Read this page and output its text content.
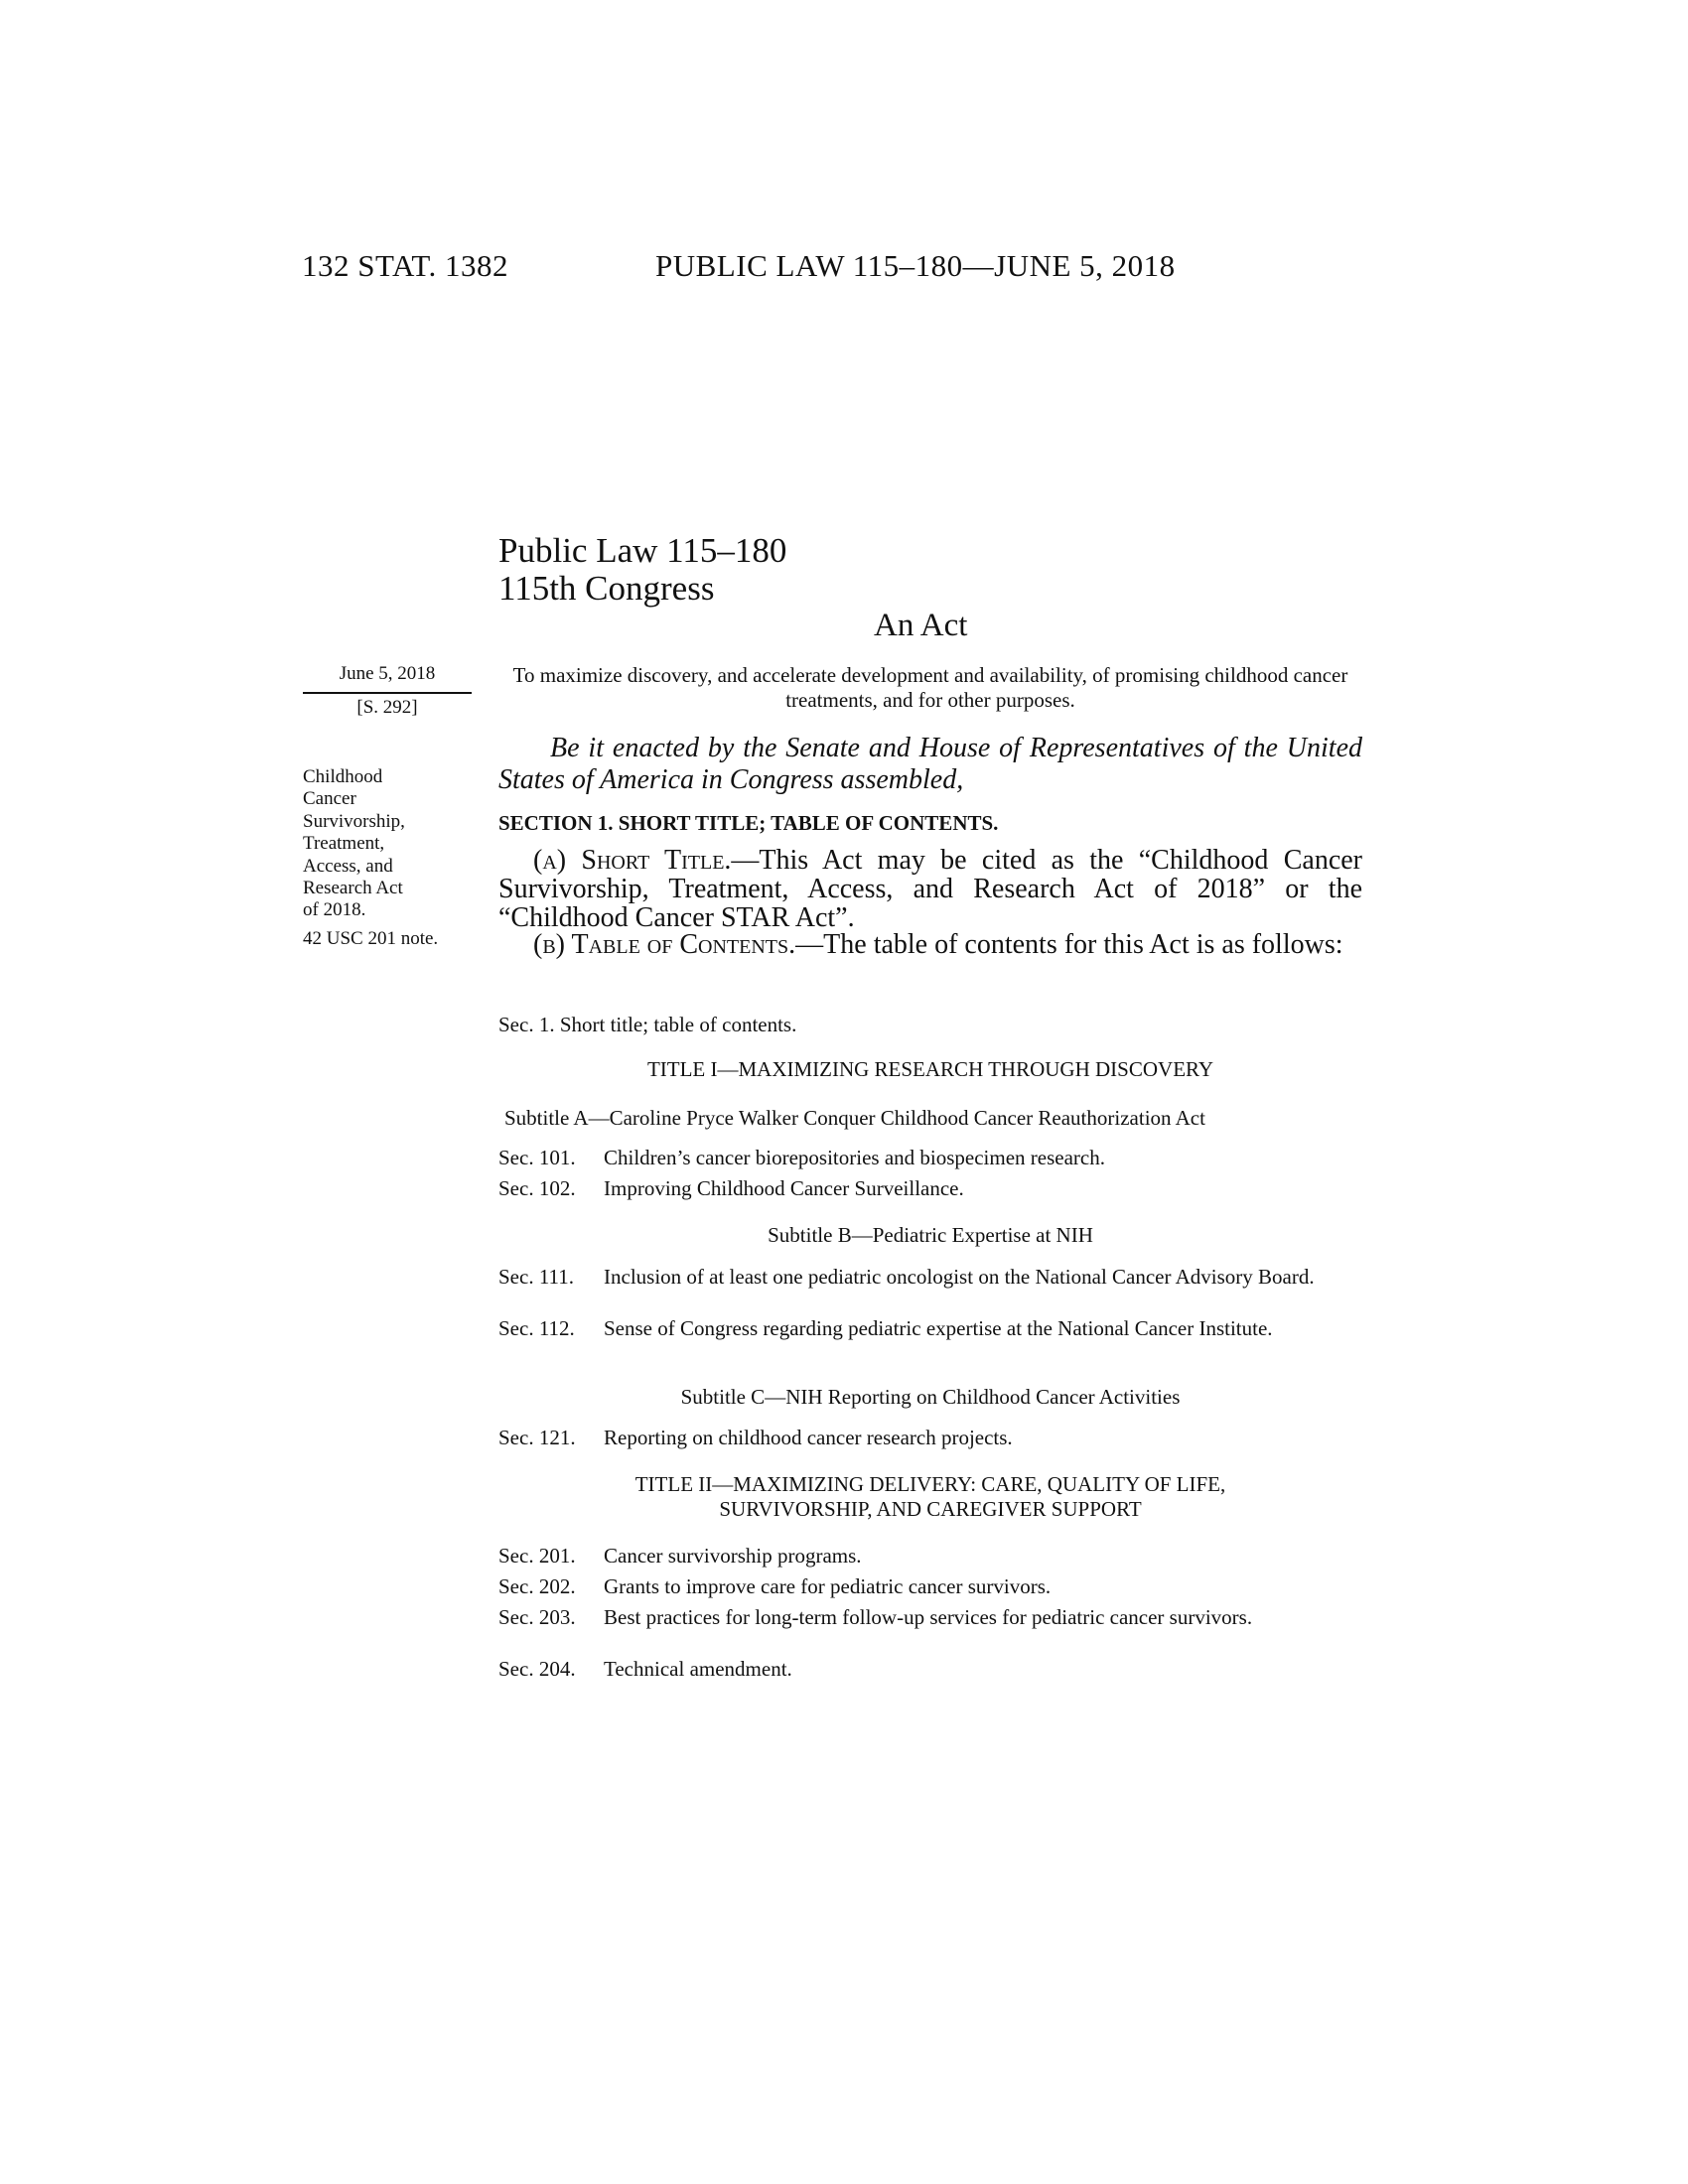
132 STAT. 1382	PUBLIC LAW 115–180—JUNE 5, 2018
Public Law 115–180
115th Congress
An Act
June 5, 2018
[S. 292]
Childhood
Cancer
Survivorship,
Treatment,
Access, and
Research Act
of 2018.
42 USC 201 note.
To maximize discovery, and accelerate development and availability, of promising childhood cancer treatments, and for other purposes.
Be it enacted by the Senate and House of Representatives of the United States of America in Congress assembled,
SECTION 1. SHORT TITLE; TABLE OF CONTENTS.
(a) Short Title.—This Act may be cited as the “Childhood Cancer Survivorship, Treatment, Access, and Research Act of 2018” or the “Childhood Cancer STAR Act”.
(b) Table of Contents.—The table of contents for this Act is as follows:
Sec. 1. Short title; table of contents.
TITLE I—MAXIMIZING RESEARCH THROUGH DISCOVERY
Subtitle A—Caroline Pryce Walker Conquer Childhood Cancer Reauthorization Act
Sec. 101.	Children’s cancer biorepositories and biospecimen research.
Sec. 102.	Improving Childhood Cancer Surveillance.
Subtitle B—Pediatric Expertise at NIH
Sec. 111.	Inclusion of at least one pediatric oncologist on the National Cancer Advisory Board.
Sec. 112.	Sense of Congress regarding pediatric expertise at the National Cancer Institute.
Subtitle C—NIH Reporting on Childhood Cancer Activities
Sec. 121.	Reporting on childhood cancer research projects.
TITLE II—MAXIMIZING DELIVERY: CARE, QUALITY OF LIFE,
SURVIVORSHIP, AND CAREGIVER SUPPORT
Sec. 201.	Cancer survivorship programs.
Sec. 202.	Grants to improve care for pediatric cancer survivors.
Sec. 203.	Best practices for long-term follow-up services for pediatric cancer survivors.
Sec. 204.	Technical amendment.
